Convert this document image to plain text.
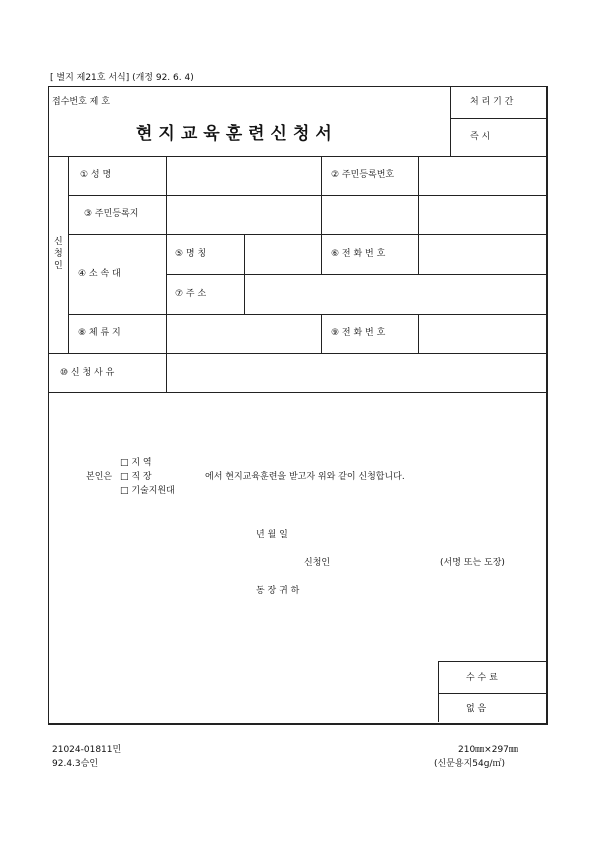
[ 별지 제21호 서식] (개정 92. 6. 4)
접수번호 제 호
현지교육훈련신청서
처 리 기 간
즉 시
신
청
인
① 성 명	② 주민등록번호
③ 주민등록지
④ 소 속 대
⑤ 명 칭	⑥ 전 화 번 호
⑦ 주 소
⑧ 체 류 지	⑨ 전 화 번 호
⑩ 신 청 사 유
본인은
□ 지 역
□ 직 장
□ 기술지원대
에서 현지교육훈련을 받고자 위와 같이 신청합니다.
년 월 일
신청인	(서명 또는 도장)
동 장 귀 하
수 수 료
없 음
21024-01811민
92.4.3승인
210㎜×297㎜
(신문용지54g/㎡)
